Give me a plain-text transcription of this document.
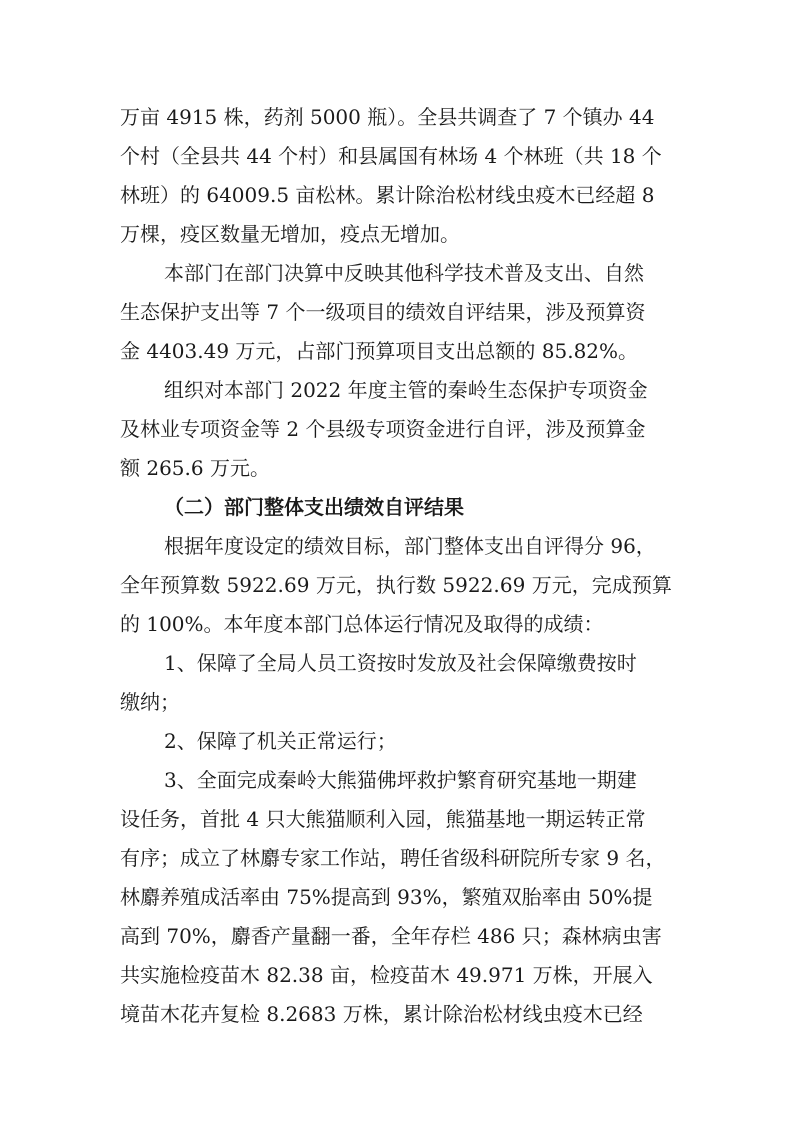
万亩 4915 株，药剂 5000 瓶）。全县共调查了 7 个镇办 44
个村（全县共 44 个村）和县属国有林场 4 个林班（共 18 个
林班）的 64009.5 亩松林。累计除治松材线虫疫木已经超 8
万棵，疫区数量无增加，疫点无增加。
本部门在部门决算中反映其他科学技术普及支出、自然
生态保护支出等 7 个一级项目的绩效自评结果，涉及预算资
金 4403.49 万元，占部门预算项目支出总额的 85.82%。
组织对本部门 2022 年度主管的秦岭生态保护专项资金
及林业专项资金等 2 个县级专项资金进行自评，涉及预算金
额 265.6 万元。
（二）部门整体支出绩效自评结果
根据年度设定的绩效目标，部门整体支出自评得分 96，
全年预算数 5922.69 万元，执行数 5922.69 万元，完成预算
的 100%。本年度本部门总体运行情况及取得的成绩：
1、保障了全局人员工资按时发放及社会保障缴费按时
缴纳；
2、保障了机关正常运行；
3、全面完成秦岭大熊猫佛坪救护繁育研究基地一期建
设任务，首批 4 只大熊猫顺利入园，熊猫基地一期运转正常
有序；成立了林麝专家工作站，聘任省级科研院所专家 9 名，
林麝养殖成活率由 75%提高到 93%，繁殖双胎率由 50%提
高到 70%，麝香产量翻一番，全年存栏 486 只；森林病虫害
共实施检疫苗木 82.38 亩，检疫苗木 49.971 万株，开展入
境苗木花卉复检 8.2683 万株，累计除治松材线虫疫木已经
